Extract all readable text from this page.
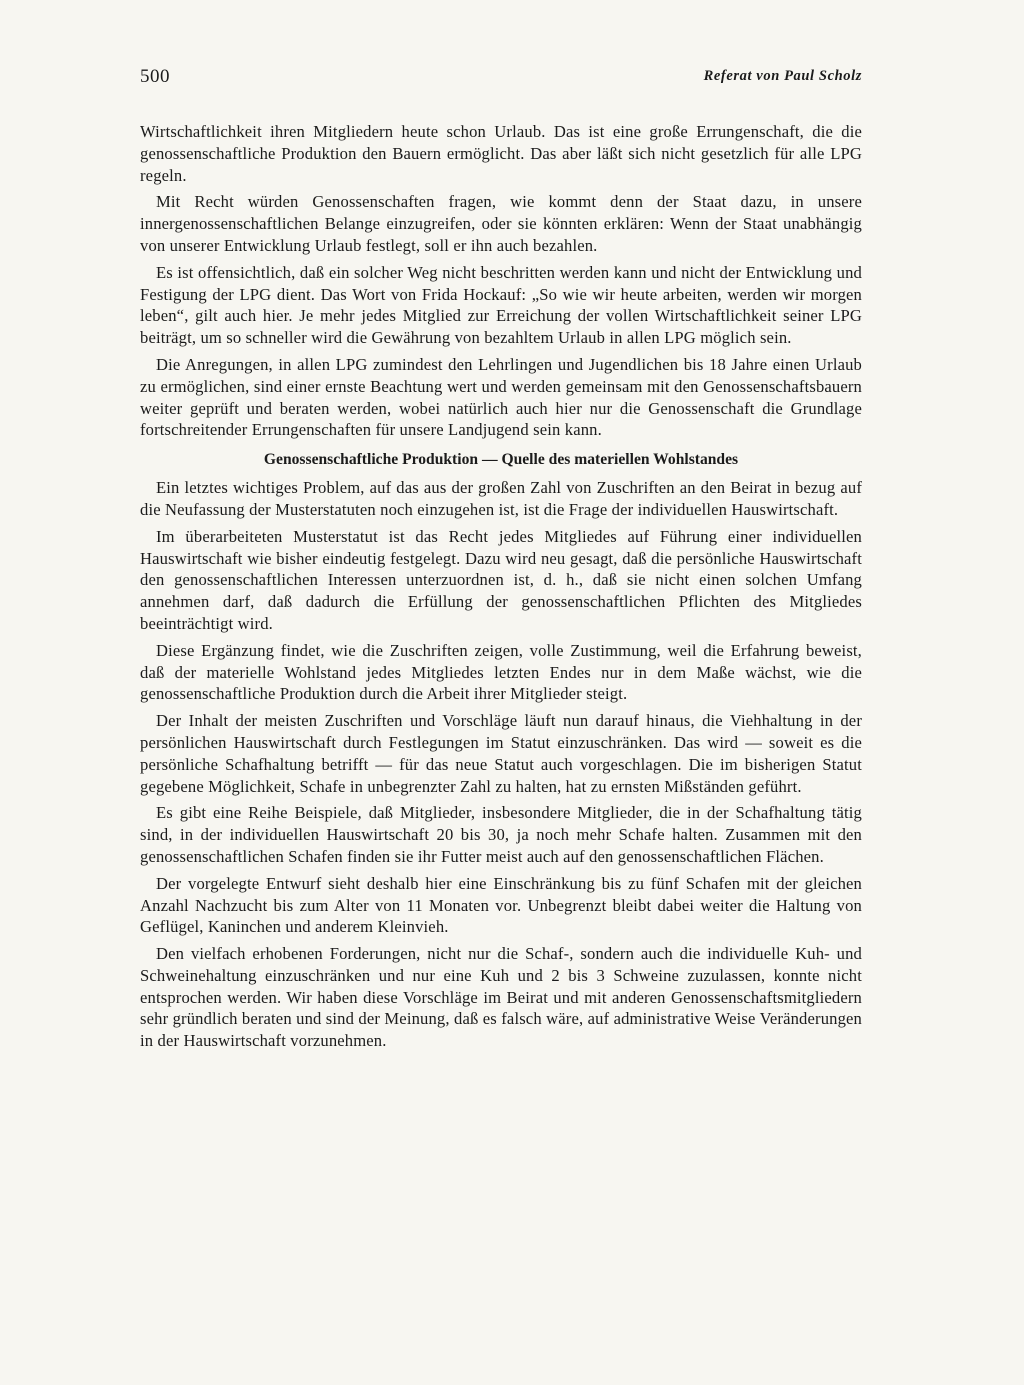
500	Referat von Paul Scholz

Wirtschaftlichkeit ihren Mitgliedern heute schon Urlaub. Das ist eine große Errungenschaft, die die genossenschaftliche Produktion den Bauern ermöglicht. Das aber läßt sich nicht gesetzlich für alle LPG regeln.

Mit Recht würden Genossenschaften fragen, wie kommt denn der Staat dazu, in unsere innergenossenschaftlichen Belange einzugreifen, oder sie könnten erklären: Wenn der Staat unabhängig von unserer Entwicklung Urlaub festlegt, soll er ihn auch bezahlen.

Es ist offensichtlich, daß ein solcher Weg nicht beschritten werden kann und nicht der Entwicklung und Festigung der LPG dient. Das Wort von Frida Hockauf: „So wie wir heute arbeiten, werden wir morgen leben“, gilt auch hier. Je mehr jedes Mitglied zur Erreichung der vollen Wirtschaftlichkeit seiner LPG beiträgt, um so schneller wird die Gewährung von bezahltem Urlaub in allen LPG möglich sein.

Die Anregungen, in allen LPG zumindest den Lehrlingen und Jugendlichen bis 18 Jahre einen Urlaub zu ermöglichen, sind einer ernste Beachtung wert und werden gemeinsam mit den Genossenschaftsbauern weiter geprüft und beraten werden, wobei natürlich auch hier nur die Genossenschaft die Grundlage fortschreitender Errungenschaften für unsere Landjugend sein kann.

Genossenschaftliche Produktion — Quelle des materiellen Wohlstandes

Ein letztes wichtiges Problem, auf das aus der großen Zahl von Zuschriften an den Beirat in bezug auf die Neufassung der Musterstatuten noch einzugehen ist, ist die Frage der individuellen Hauswirtschaft.

Im überarbeiteten Musterstatut ist das Recht jedes Mitgliedes auf Führung einer individuellen Hauswirtschaft wie bisher eindeutig festgelegt. Dazu wird neu gesagt, daß die persönliche Hauswirtschaft den genossenschaftlichen Interessen unterzuordnen ist, d. h., daß sie nicht einen solchen Umfang annehmen darf, daß dadurch die Erfüllung der genossenschaftlichen Pflichten des Mitgliedes beeinträchtigt wird.

Diese Ergänzung findet, wie die Zuschriften zeigen, volle Zustimmung, weil die Erfahrung beweist, daß der materielle Wohlstand jedes Mitgliedes letzten Endes nur in dem Maße wächst, wie die genossenschaftliche Produktion durch die Arbeit ihrer Mitglieder steigt.

Der Inhalt der meisten Zuschriften und Vorschläge läuft nun darauf hinaus, die Viehhaltung in der persönlichen Hauswirtschaft durch Festlegungen im Statut einzuschränken. Das wird — soweit es die persönliche Schafhaltung betrifft — für das neue Statut auch vorgeschlagen. Die im bisherigen Statut gegebene Möglichkeit, Schafe in unbegrenzter Zahl zu halten, hat zu ernsten Mißständen geführt.

Es gibt eine Reihe Beispiele, daß Mitglieder, insbesondere Mitglieder, die in der Schafhaltung tätig sind, in der individuellen Hauswirtschaft 20 bis 30, ja noch mehr Schafe halten. Zusammen mit den genossenschaftlichen Schafen finden sie ihr Futter meist auch auf den genossenschaftlichen Flächen.

Der vorgelegte Entwurf sieht deshalb hier eine Einschränkung bis zu fünf Schafen mit der gleichen Anzahl Nachzucht bis zum Alter von 11 Monaten vor. Unbegrenzt bleibt dabei weiter die Haltung von Geflügel, Kaninchen und anderem Kleinvieh.

Den vielfach erhobenen Forderungen, nicht nur die Schaf-, sondern auch die individuelle Kuh- und Schweinehaltung einzuschränken und nur eine Kuh und 2 bis 3 Schweine zuzulassen, konnte nicht entsprochen werden. Wir haben diese Vorschläge im Beirat und mit anderen Genossenschaftsmitgliedern sehr gründlich beraten und sind der Meinung, daß es falsch wäre, auf administrative Weise Veränderungen in der Hauswirtschaft vorzunehmen.
